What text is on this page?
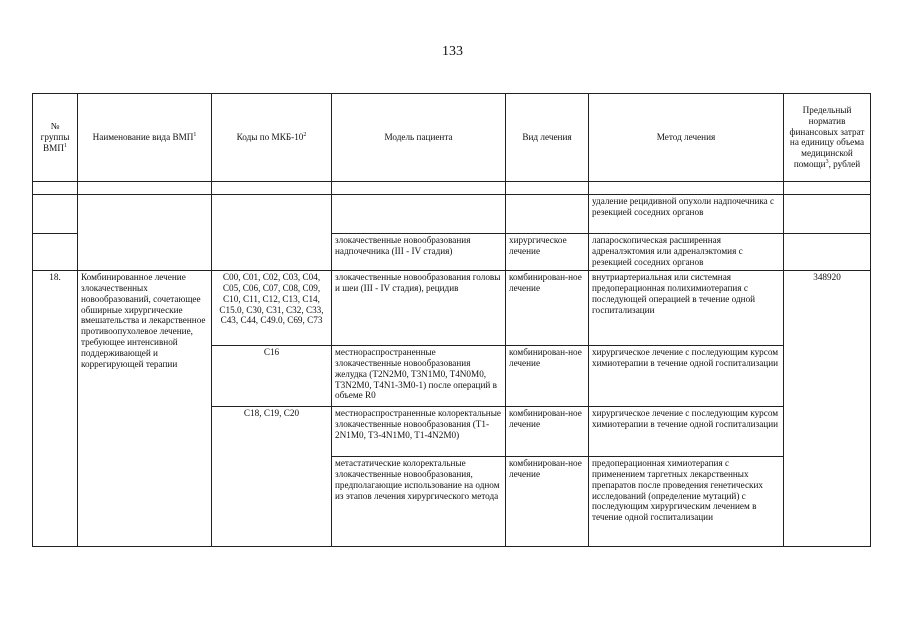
133
№ группы ВМП$^1$	Наименование вида ВМП$^1$	Коды по МКБ-$10^2$	Модель пациента	Вид лечения	Метод лечения	Предельный норматив финансовых затрат на единицу объема медицинской помощи$^3$, рублей

					удаление рецидивной опухоли надпочечника с резекцией соседних органов	
			злокачественные новообразования надпочечника (III - IV стадия)	хирургическое лечение	лапароскопическая расширенная адреналэктомия или адреналэктомия с резекцией соседних органов	
18.	Комбинированное лечение злокачественных новообразований, сочетающее обширные хирургические вмешательства и лекарственное противоопухолевое лечение, требующее интенсивной поддерживающей и коррегирующей терапии	C00, C01, C02, C03, C04, C05, C06, C07, C08, C09, C10, C11, C12, C13, C14, C15.0, C30, C31, C32, C33, C43, C44, C49.0, C69, C73	злокачественные новообразования головы и шеи (III - IV стадия), рецидив	комбинирован-ное лечение	внутриартериальная или системная предоперационная полихимиотерапия с последующей операцией в течение одной госпитализации	348920
		C16	местнораспространенные злокачественные новообразования желудка (T2N2M0, T3N1M0, T4N0M0, T3N2M0, T4N1-3M0-1) после операций в объеме R0	комбинирован-ное лечение	хирургическое лечение с последующим курсом химиотерапии в течение одной госпитализации	
		C18, C19, C20	местнораспространенные колоректальные злокачественные новообразования (T1-2N1M0, T3-4N1M0, T1-4N2M0)	комбинирован-ное лечение	хирургическое лечение с последующим курсом химиотерапии в течение одной госпитализации	
			метастатические колоректальные злокачественные новообразования, предполагающие использование на одном из этапов лечения хирургического метода	комбинирован-ное лечение	предоперационная химиотерапия с применением таргетных лекарственных препаратов после проведения генетических исследований (определение мутаций) с последующим хирургическим лечением в течение одной госпитализации	
